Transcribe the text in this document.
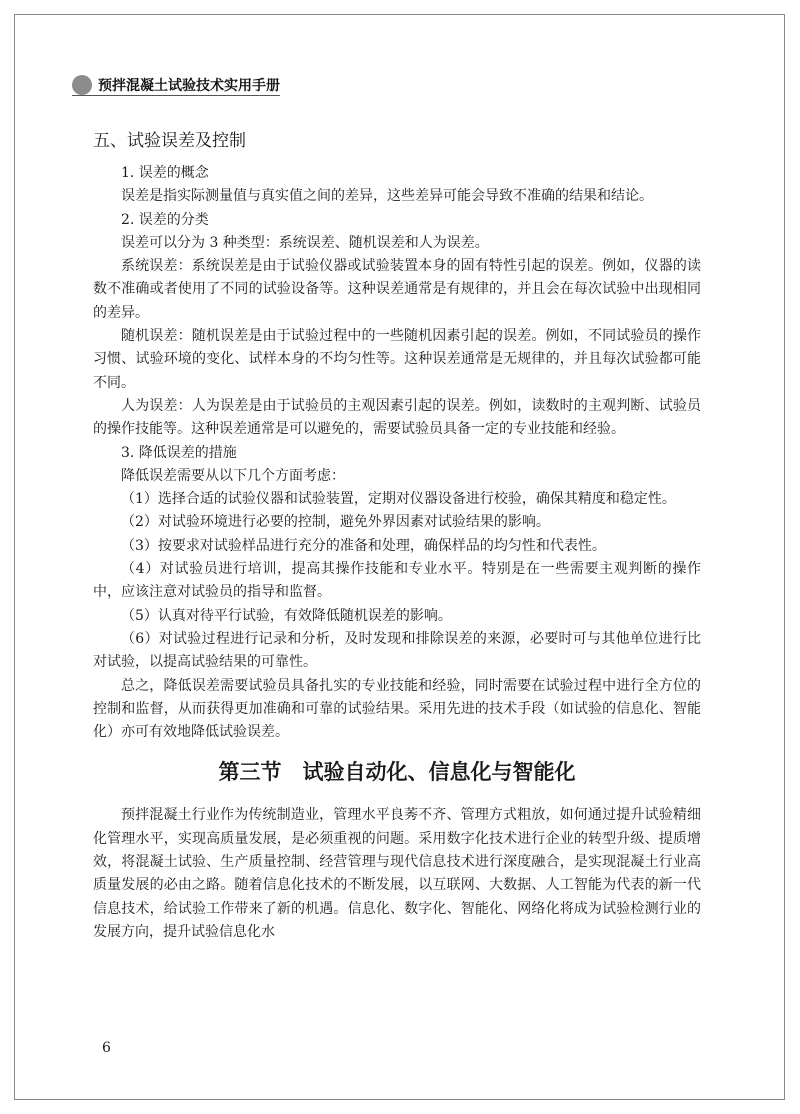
预拌混凝土试验技术实用手册

五、试验误差及控制

1. 误差的概念

误差是指实际测量值与真实值之间的差异，这些差异可能会导致不准确的结果和结论。

2. 误差的分类

误差可以分为 3 种类型：系统误差、随机误差和人为误差。

系统误差：系统误差是由于试验仪器或试验装置本身的固有特性引起的误差。例如，仪器的读数不准确或者使用了不同的试验设备等。这种误差通常是有规律的，并且会在每次试验中出现相同的差异。

随机误差：随机误差是由于试验过程中的一些随机因素引起的误差。例如，不同试验员的操作习惯、试验环境的变化、试样本身的不均匀性等。这种误差通常是无规律的，并且每次试验都可能不同。

人为误差：人为误差是由于试验员的主观因素引起的误差。例如，读数时的主观判断、试验员的操作技能等。这种误差通常是可以避免的，需要试验员具备一定的专业技能和经验。

3. 降低误差的措施

降低误差需要从以下几个方面考虑：

（1）选择合适的试验仪器和试验装置，定期对仪器设备进行校验，确保其精度和稳定性。

（2）对试验环境进行必要的控制，避免外界因素对试验结果的影响。

（3）按要求对试验样品进行充分的准备和处理，确保样品的均匀性和代表性。

（4）对试验员进行培训，提高其操作技能和专业水平。特别是在一些需要主观判断的操作中，应该注意对试验员的指导和监督。

（5）认真对待平行试验，有效降低随机误差的影响。

（6）对试验过程进行记录和分析，及时发现和排除误差的来源，必要时可与其他单位进行比对试验，以提高试验结果的可靠性。

总之，降低误差需要试验员具备扎实的专业技能和经验，同时需要在试验过程中进行全方位的控制和监督，从而获得更加准确和可靠的试验结果。采用先进的技术手段（如试验的信息化、智能化）亦可有效地降低试验误差。

第三节　试验自动化、信息化与智能化

预拌混凝土行业作为传统制造业，管理水平良莠不齐、管理方式粗放，如何通过提升试验精细化管理水平，实现高质量发展，是必须重视的问题。采用数字化技术进行企业的转型升级、提质增效，将混凝土试验、生产质量控制、经营管理与现代信息技术进行深度融合，是实现混凝土行业高质量发展的必由之路。随着信息化技术的不断发展，以互联网、大数据、人工智能为代表的新一代信息技术，给试验工作带来了新的机遇。信息化、数字化、智能化、网络化将成为试验检测行业的发展方向，提升试验信息化水

6
